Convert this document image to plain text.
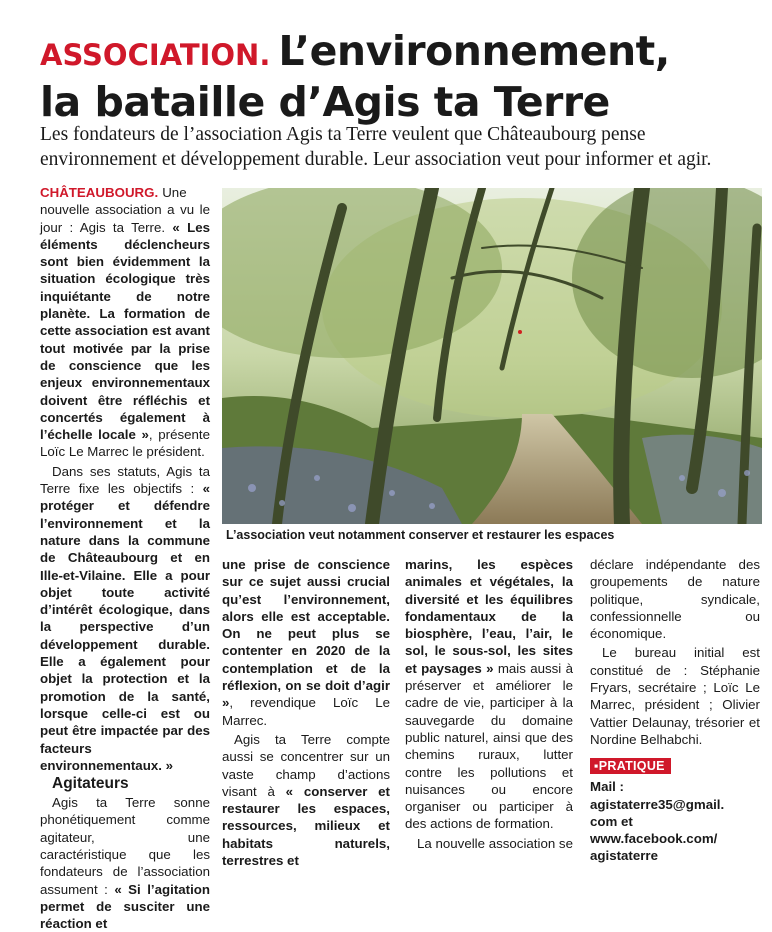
ASSOCIATION. L’environnement,
la bataille d’Agis ta Terre
Les fondateurs de l’association Agis ta Terre veulent que Châteaubourg pense environnement et développement durable. Leur association veut pour informer et agir.

CHÂTEAUBOURG. Une nouvelle association a vu le jour : Agis ta Terre. « Les éléments déclencheurs sont bien évidemment la situation écologique très inquiétante de notre planète. La formation de cette association est avant tout motivée par la prise de conscience que les enjeux environnementaux doivent être réfléchis et concertés également à l’échelle locale », présente Loïc Le Marrec le président.

Dans ses statuts, Agis ta Terre fixe les objectifs : « protéger et défendre l’environnement et la nature dans la commune de Châteaubourg et en Ille-et-Vilaine. Elle a pour objet toute activité d’intérêt écologique, dans la perspective d’un développement durable. Elle a également pour objet la protection et la promotion de la santé, lorsque celle-ci est ou peut être impactée par des facteurs environnementaux. »

Agitateurs

Agis ta Terre sonne phonétiquement comme agitateur, une caractéristique que les fondateurs de l’association assument : « Si l’agitation permet de susciter une réaction et

L’association veut notamment conserver et restaurer les espaces

une prise de conscience sur ce sujet aussi crucial qu’est l’environnement, alors elle est acceptable. On ne peut plus se contenter en 2020 de la contemplation et de la réflexion, on se doit d’agir », revendique Loïc Le Marrec.

Agis ta Terre compte aussi se concentrer sur un vaste champ d’actions visant à « conserver et restaurer les espaces, ressources, milieux et habitats naturels, terrestres et

marins, les espèces animales et végétales, la diversité et les équilibres fondamentaux de la biosphère, l’eau, l’air, le sol, le sous-sol, les sites et paysages » mais aussi à préserver et améliorer le cadre de vie, participer à la sauvegarde du domaine public naturel, ainsi que des chemins ruraux, lutter contre les pollutions et nuisances ou encore organiser ou participer à des actions de formation.

La nouvelle association se

déclare indépendante des groupements de nature politique, syndicale, confessionnelle ou économique.

Le bureau initial est constitué de : Stéphanie Fryars, secrétaire ; Loïc Le Marrec, président ; Olivier Vattier Delaunay, trésorier et Nordine Belhabchi.

▪PRATIQUE
Mail : agistaterre35@gmail.
com et www.facebook.com/
agistaterre
